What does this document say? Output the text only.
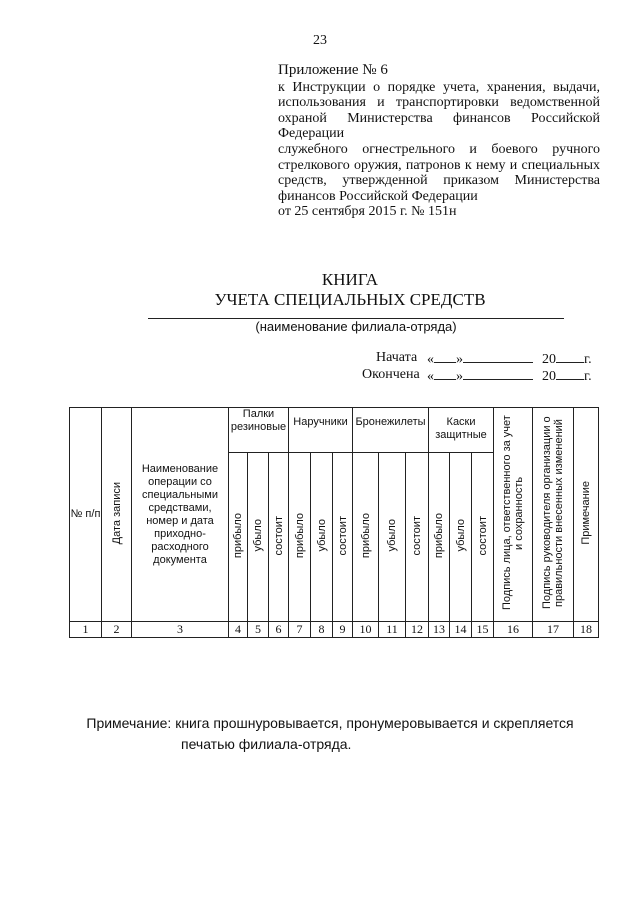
23
Приложение № 6
к Инструкции о порядке учета, хранения, выдачи,
использования и транспортировки ведомственной
охраной Министерства финансов Российской Федерации
служебного огнестрельного и боевого ручного
стрелкового оружия, патронов к нему и специальных
средств, утвержденной приказом Министерства
финансов Российской Федерации
от 25 сентября 2015 г. № 151н
КНИГА
УЧЕТА СПЕЦИАЛЬНЫХ СРЕДСТВ
(наименование филиала-отряда)
Начата « »	20 г.
Окончена « »	20 г.
№ п/п	Дата записи	Наименование операции со специальными средствами, номер и дата приходно-расходного документа	Палки резиновые			Наручники			Бронежилеты			Каски защитные			Подпись лица, ответственного за учет и сохранность	Подпись руководителя организации о правильности внесенных изменений	Примечание
			прибыло	убыло	состоит	прибыло	убыло	состоит	прибыло	убыло	состоит	прибыло	убыло	состоит			
1	2	3	4	5	6	7	8	9	10	11	12	13	14	15	16	17	18
Примечание: книга прошнуровывается, пронумеровывается и скрепляется
печатью филиала-отряда.
